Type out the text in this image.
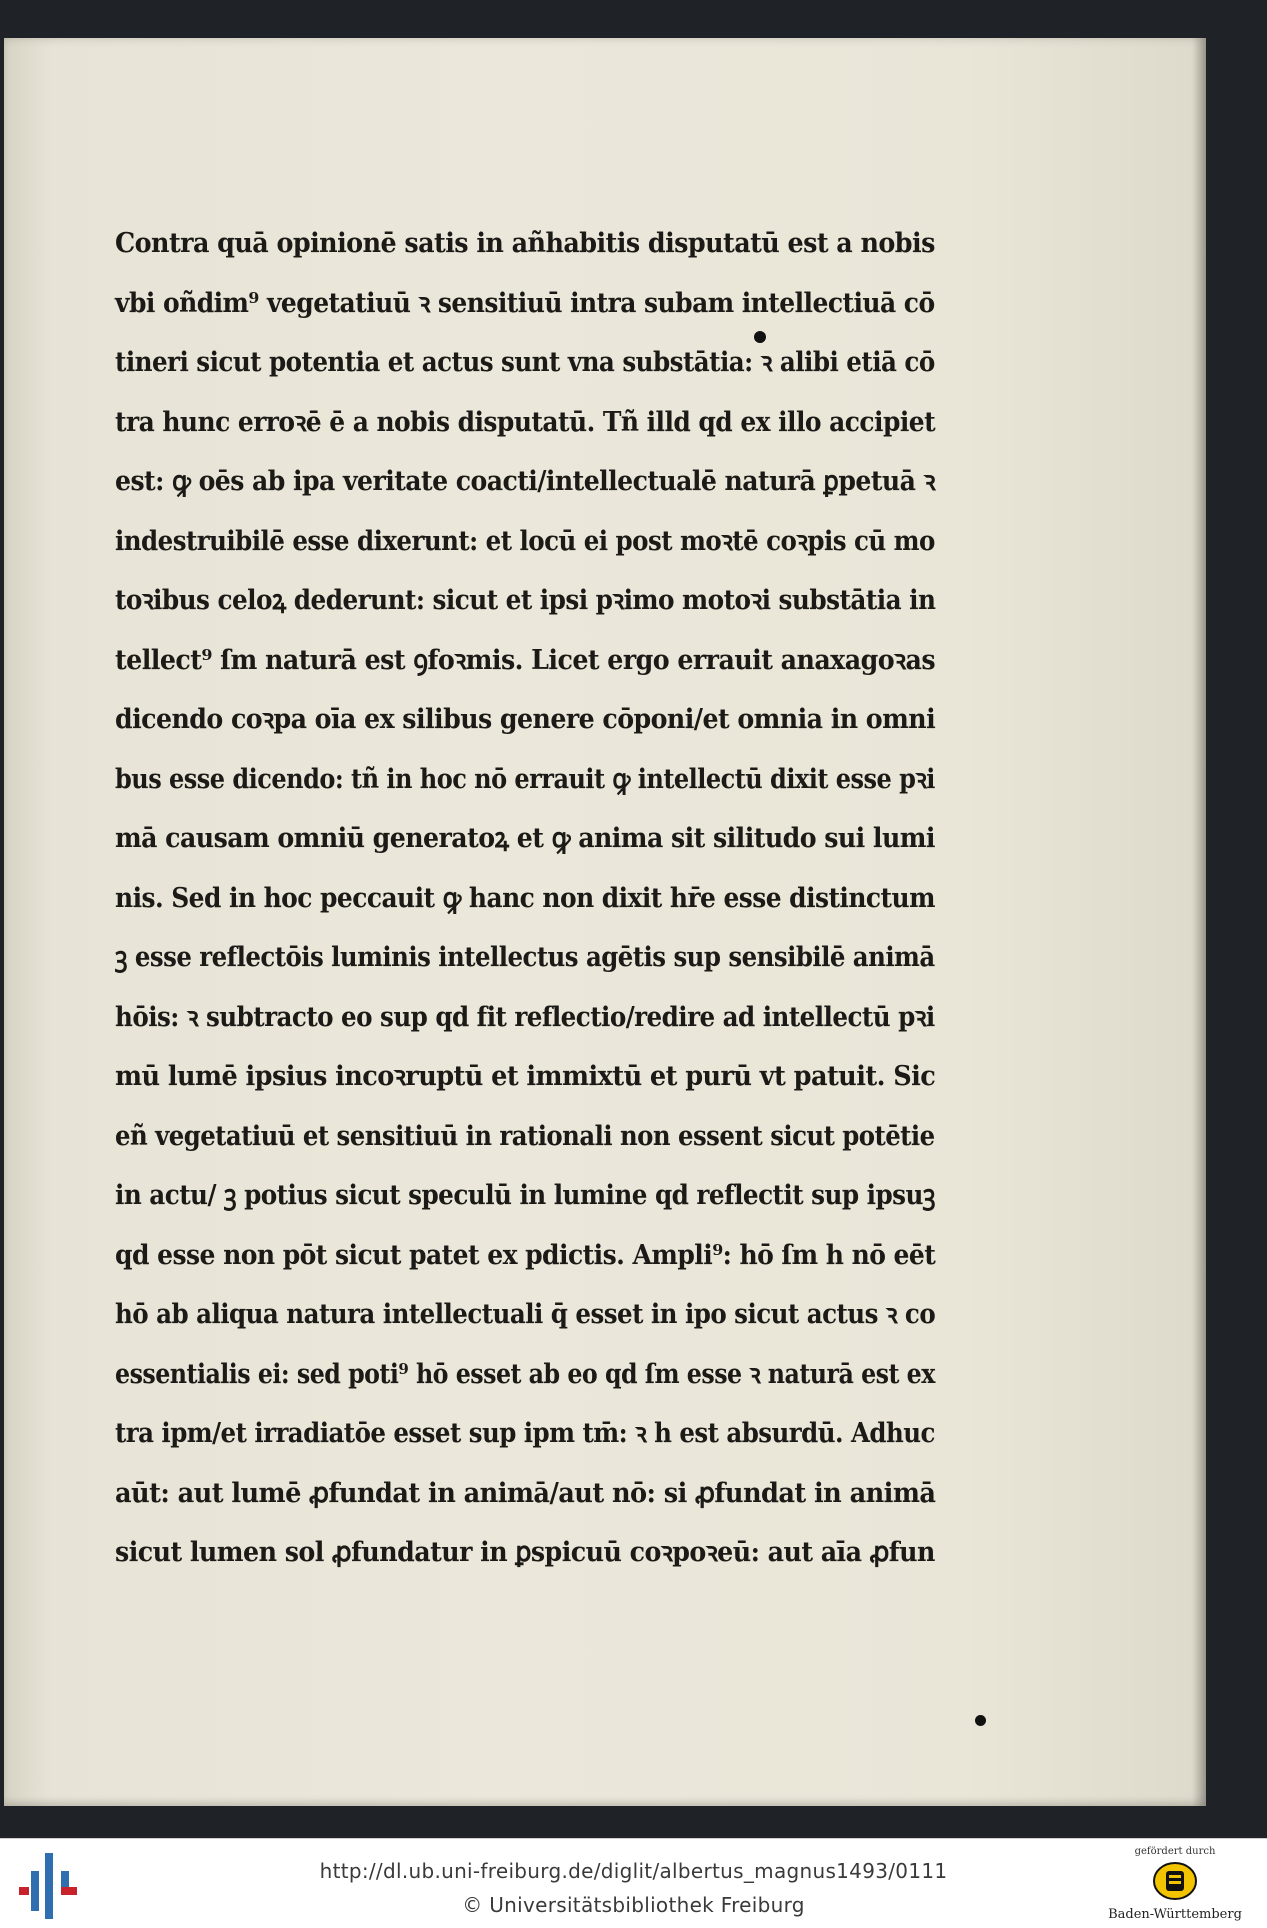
Contra quā opinionē satis in añhabitis disputatū est a nobis
vbi oñdim⁹ vegetatiuū ꝛ sensitiuū intra subam intellectiuā cō
tineri sicut potentia et actus sunt vna substātia: ꝛ alibi etiā cō
tra hunc erroꝛē ē a nobis disputatū. Tñ illd qd ex illo accipiet
est: ꝙ oēs ab ipa veritate coacti/intellectualē naturā ꝑpetuā ꝛ
indestruibilē esse dixerunt: et locū ei post moꝛtē coꝛpis cū mo
toꝛibus celoꝝ dederunt: sicut et ipsi pꝛimo motoꝛi substātia in
tellect⁹ ſm naturā est ꝯfoꝛmis. Licet ergo errauit anaxagoꝛas
dicendo coꝛpa oīa ex silibus genere cōponi/et omnia in omni
bus esse dicendo: tñ in hoc nō errauit ꝙ intellectū dixit esse pꝛi
mā causam omniū generatoꝝ et ꝙ anima sit silitudo sui lumi
nis. Sed in hoc peccauit ꝙ hanc non dixit hr̄e esse distinctum
ꝫ esse reflectōis luminis intellectus agētis sup sensibilē animā
hōis: ꝛ subtracto eo sup qd fit reflectio/redire ad intellectū pꝛi
mū lumē ipsius incoꝛruptū et immixtū et purū vt patuit. Sic
eñ vegetatiuū et sensitiuū in rationali non essent sicut potētie
in actu/ ꝫ potius sicut speculū in lumine qd reflectit sup ipsuꝫ
qd esse non pōt sicut patet ex pdictis. Ampli⁹: hō ſm h nō eēt
hō ab aliqua natura intellectuali q̄ esset in ipo sicut actus ꝛ co
essentialis ei: sed poti⁹ hō esset ab eo qd ſm esse ꝛ naturā est ex
tra ipm/et irradiatōe esset sup ipm tm̄: ꝛ h est absurdū. Adhuc
aūt: aut lumē ꝓfundat in animā/aut nō: si ꝓfundat in animā
sicut lumen sol ꝓfundatur in ꝑspicuū coꝛpoꝛeū: aut aīa ꝓfun
http://dl.ub.uni-freiburg.de/diglit/albertus_magnus1493/0111
© Universitätsbibliothek Freiburg
gefördert durch
Baden-Württemberg
